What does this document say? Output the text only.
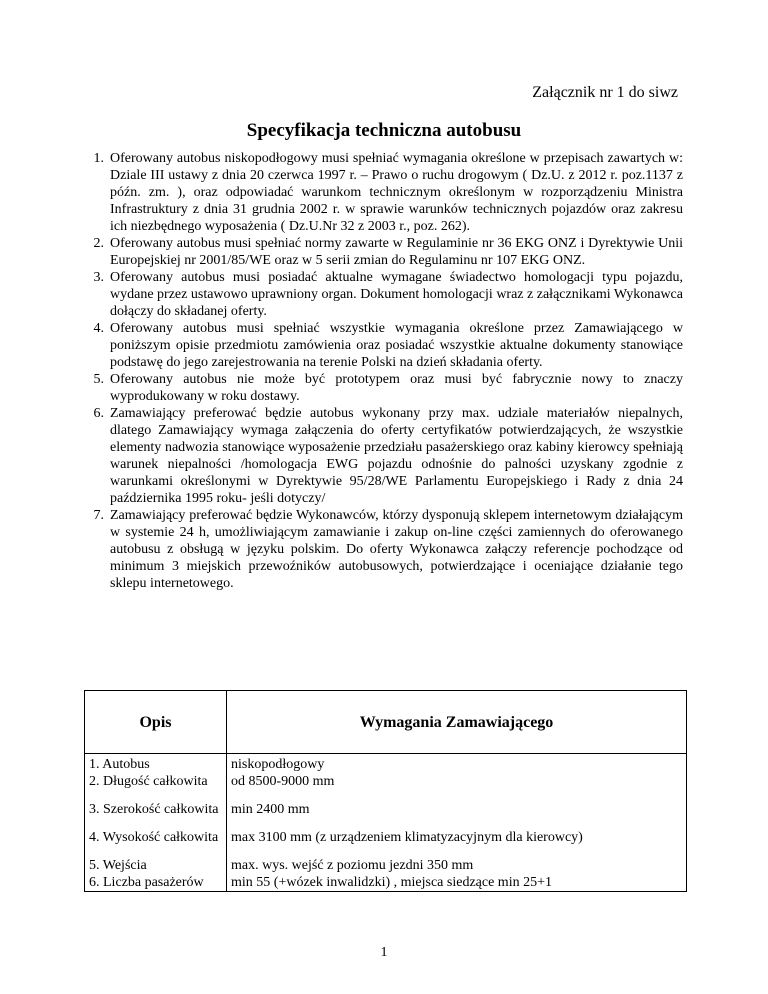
Załącznik nr 1 do siwz
Specyfikacja techniczna autobusu
1. Oferowany autobus niskopodłogowy musi spełniać wymagania określone w przepisach zawartych w: Dziale III ustawy z dnia 20 czerwca 1997 r. – Prawo o ruchu drogowym ( Dz.U. z 2012 r. poz.1137 z późn. zm. ), oraz odpowiadać warunkom technicznym określonym w rozporządzeniu Ministra Infrastruktury z dnia 31 grudnia 2002 r. w sprawie warunków technicznych pojazdów oraz zakresu ich niezbędnego wyposażenia ( Dz.U.Nr 32 z 2003 r., poz. 262).
2. Oferowany autobus musi spełniać normy zawarte w Regulaminie nr 36 EKG ONZ i Dyrektywie Unii Europejskiej nr 2001/85/WE oraz w 5 serii zmian do Regulaminu nr 107 EKG ONZ.
3. Oferowany autobus musi posiadać aktualne wymagane świadectwo homologacji typu pojazdu, wydane przez ustawowo uprawniony organ. Dokument homologacji wraz z załącznikami Wykonawca dołączy do składanej oferty.
4. Oferowany autobus musi spełniać wszystkie wymagania określone przez Zamawiającego w poniższym opisie przedmiotu zamówienia oraz posiadać wszystkie aktualne dokumenty stanowiące podstawę do jego zarejestrowania na terenie Polski na dzień składania oferty.
5. Oferowany autobus nie może być prototypem oraz musi być fabrycznie nowy to znaczy wyprodukowany w roku dostawy.
6. Zamawiający preferować będzie autobus wykonany przy max. udziale materiałów niepalnych, dlatego Zamawiający wymaga załączenia do oferty certyfikatów potwierdzających, że wszystkie elementy nadwozia stanowiące wyposażenie przedziału pasażerskiego oraz kabiny kierowcy spełniają warunek niepalności /homologacja EWG pojazdu odnośnie do palności uzyskany zgodnie z warunkami określonymi w Dyrektywie 95/28/WE Parlamentu Europejskiego i Rady z dnia 24 października 1995 roku- jeśli dotyczy/
7. Zamawiający preferować będzie Wykonawców, którzy dysponują sklepem internetowym działającym w systemie 24 h, umożliwiającym zamawianie i zakup on-line części zamiennych do oferowanego autobusu z obsługą w języku polskim. Do oferty Wykonawca załączy referencje pochodzące od minimum 3 miejskich przewoźników autobusowych, potwierdzające i oceniające działanie tego sklepu internetowego.
Opis	Wymagania Zamawiającego
1. Autobus	niskopodłogowy
2. Długość całkowita	od 8500-9000 mm

3. Szerokość całkowita	min 2400 mm

4. Wysokość całkowita	max 3100 mm (z urządzeniem klimatyzacyjnym dla kierowcy)

5. Wejścia	max. wys. wejść z poziomu jezdni 350 mm
6. Liczba pasażerów	min 55 (+wózek inwalidzki) , miejsca siedzące min 25+1
1
